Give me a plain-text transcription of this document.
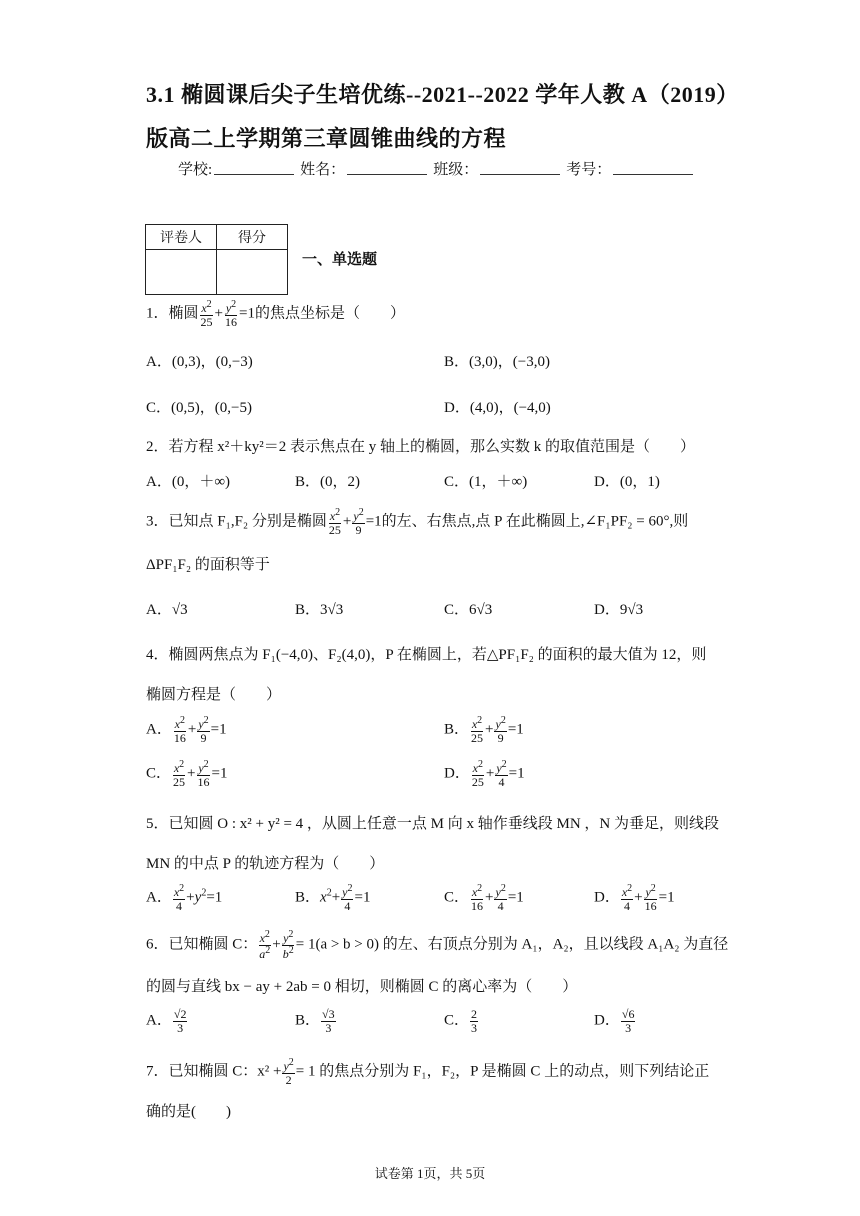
3.1 椭圆课后尖子生培优练--2021--2022 学年人教 A（2019）
版高二上学期第三章圆锥曲线的方程
学校:	姓名：	班级：	考号：
评卷人	得分

一、单选题
1．椭圆 $\frac{x^2}{25} + \frac{y^2}{16} =1$的焦点坐标是（　　）
A．(0,3)，(0,−3)	B．(3,0)，(−3,0)
C．(0,5)，(0,−5)	D．(4,0)，(−4,0)
2．若方程 x²＋ky²＝2 表示焦点在 y 轴上的椭圆，那么实数 k 的取值范围是（　　）
A．(0，＋∞)	B．(0，2)	C．(1，＋∞)	D．(0，1)
3．已知点 F₁,F₂ 分别是椭圆 $\frac{x^2}{25} + \frac{y^2}{9} =1$的左、右焦点,点 P 在此椭圆上,∠F₁PF₂ = 60°,则
ΔPF₁F₂ 的面积等于
A．√3	B．3√3	C．6√3	D．9√3
4．椭圆两焦点为 F₁(−4,0)、F₂(4,0)，P 在椭圆上，若△PF₁F₂ 的面积的最大值为 12，则
椭圆方程是（　　）
A． $\frac{x^2}{16} + \frac{y^2}{9} =1$	B． $\frac{x^2}{25} + \frac{y^2}{9} =1$
C． $\frac{x^2}{25} + \frac{y^2}{16} =1$	D． $\frac{x^2}{25} + \frac{y^2}{4} =1$
5．已知圆 O : x² + y² = 4 ，从圆上任意一点 M 向 x 轴作垂线段 MN ，N 为垂足，则线段
MN 的中点 P 的轨迹方程为（　　）
A． $\frac{x^2}{4} +y^2=1$	B．$x^2+ \frac{y^2}{4} =1$	C． $\frac{x^2}{16} + \frac{y^2}{4} =1$	D． $\frac{x^2}{4} + \frac{y^2}{16} =1$
6．已知椭圆 C： $\frac{x^2}{a^2} + \frac{y^2}{b^2} = 1(a > b > 0)$ 的左、右顶点分别为 A₁，A₂，且以线段 A₁A₂ 为直径
的圆与直线 bx − ay + 2ab = 0 相切，则椭圆 C 的离心率为（　　）
A． $\frac{√2}{3}$	B． $\frac{√3}{3}$	C． $\frac{2}{3}$	D． $\frac{√6}{3}$
7．已知椭圆 C：$x^2 + \frac{y^2}{2} = 1$ 的焦点分别为 F₁，F₂，P 是椭圆 C 上的动点，则下列结论正
确的是(　　)
试卷第 1页，共 5页
